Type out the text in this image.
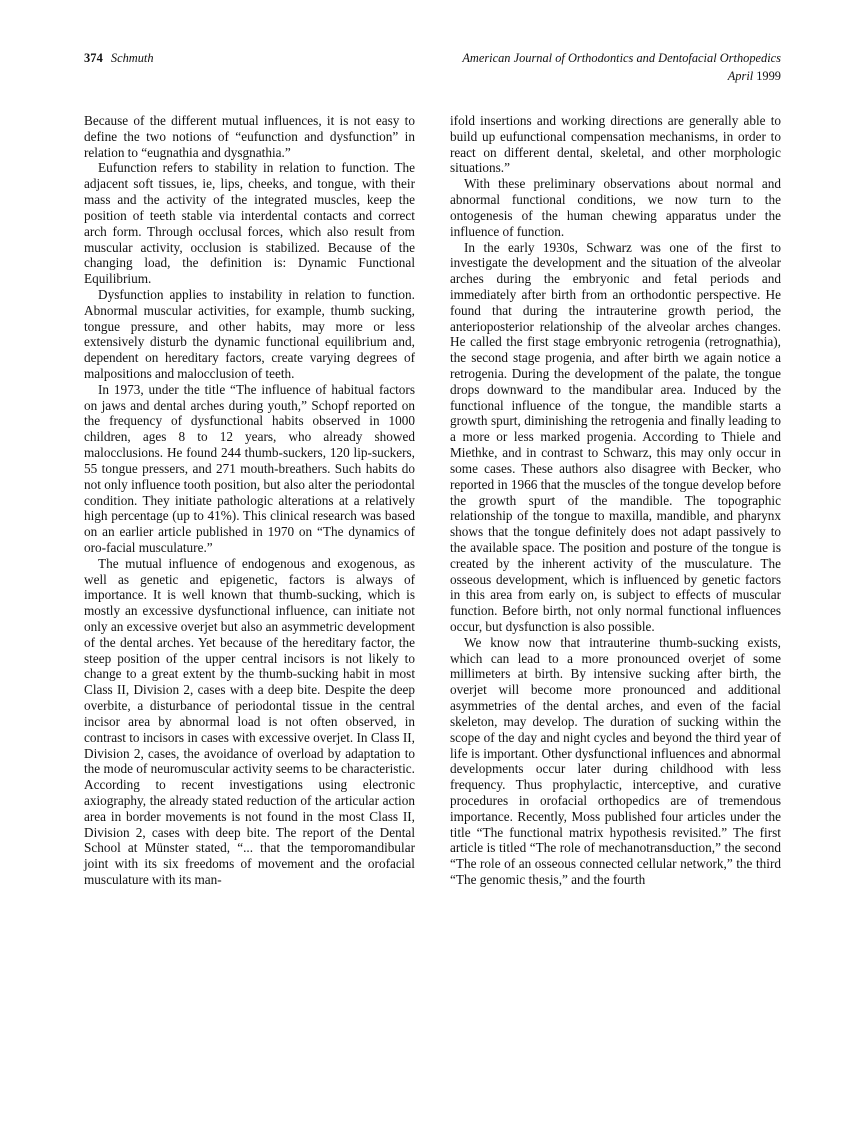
374 Schmuth	American Journal of Orthodontics and Dentofacial Orthopedics
April 1999

Because of the different mutual influences, it is not easy to define the two notions of “eufunction and dysfunction” in relation to “eugnathia and dysgnathia.”

Eufunction refers to stability in relation to function. The adjacent soft tissues, ie, lips, cheeks, and tongue, with their mass and the activity of the integrated muscles, keep the position of teeth stable via interdental contacts and correct arch form. Through occlusal forces, which also result from muscular activity, occlusion is stabilized. Because of the changing load, the definition is: Dynamic Functional Equilibrium.

Dysfunction applies to instability in relation to function. Abnormal muscular activities, for example, thumb sucking, tongue pressure, and other habits, may more or less extensively disturb the dynamic functional equilibrium and, dependent on hereditary factors, create varying degrees of malpositions and malocclusion of teeth.

In 1973, under the title “The influence of habitual factors on jaws and dental arches during youth,” Schopf reported on the frequency of dysfunctional habits observed in 1000 children, ages 8 to 12 years, who already showed malocclusions. He found 244 thumb-suckers, 120 lip-suckers, 55 tongue pressers, and 271 mouth-breathers. Such habits do not only influence tooth position, but also alter the periodontal condition. They initiate pathologic alterations at a relatively high percentage (up to 41%). This clinical research was based on an earlier article published in 1970 on “The dynamics of oro-facial musculature.”

The mutual influence of endogenous and exogenous, as well as genetic and epigenetic, factors is always of importance. It is well known that thumb-sucking, which is mostly an excessive dysfunctional influence, can initiate not only an excessive overjet but also an asymmetric development of the dental arches. Yet because of the hereditary factor, the steep position of the upper central incisors is not likely to change to a great extent by the thumb-sucking habit in most Class II, Division 2, cases with a deep bite. Despite the deep overbite, a disturbance of periodontal tissue in the central incisor area by abnormal load is not often observed, in contrast to incisors in cases with excessive overjet. In Class II, Division 2, cases, the avoidance of overload by adaptation to the mode of neuromuscular activity seems to be characteristic. According to recent investigations using electronic axiography, the already stated reduction of the articular action area in border movements is not found in the most Class II, Division 2, cases with deep bite. The report of the Dental School at Münster stated, “... that the temporomandibular joint with its six freedoms of movement and the orofacial musculature with its man-

ifold insertions and working directions are generally able to build up eufunctional compensation mechanisms, in order to react on different dental, skeletal, and other morphologic situations.”

With these preliminary observations about normal and abnormal functional conditions, we now turn to the ontogenesis of the human chewing apparatus under the influence of function.

In the early 1930s, Schwarz was one of the first to investigate the development and the situation of the alveolar arches during the embryonic and fetal periods and immediately after birth from an orthodontic perspective. He found that during the intrauterine growth period, the anterioposterior relationship of the alveolar arches changes. He called the first stage embryonic retrogenia (retrognathia), the second stage progenia, and after birth we again notice a retrogenia. During the development of the palate, the tongue drops downward to the mandibular area. Induced by the functional influence of the tongue, the mandible starts a growth spurt, diminishing the retrogenia and finally leading to a more or less marked progenia. According to Thiele and Miethke, and in contrast to Schwarz, this may only occur in some cases. These authors also disagree with Becker, who reported in 1966 that the muscles of the tongue develop before the growth spurt of the mandible. The topographic relationship of the tongue to maxilla, mandible, and pharynx shows that the tongue definitely does not adapt passively to the available space. The position and posture of the tongue is created by the inherent activity of the musculature. The osseous development, which is influenced by genetic factors in this area from early on, is subject to effects of muscular function. Before birth, not only normal functional influences occur, but dysfunction is also possible.

We know now that intrauterine thumb-sucking exists, which can lead to a more pronounced overjet of some millimeters at birth. By intensive sucking after birth, the overjet will become more pronounced and additional asymmetries of the dental arches, and even of the facial skeleton, may develop. The duration of sucking within the scope of the day and night cycles and beyond the third year of life is important. Other dysfunctional influences and abnormal developments occur later during childhood with less frequency. Thus prophylactic, interceptive, and curative procedures in orofacial orthopedics are of tremendous importance. Recently, Moss published four articles under the title “The functional matrix hypothesis revisited.” The first article is titled “The role of mechanotransduction,” the second “The role of an osseous connected cellular network,” the third “The genomic thesis,” and the fourth
